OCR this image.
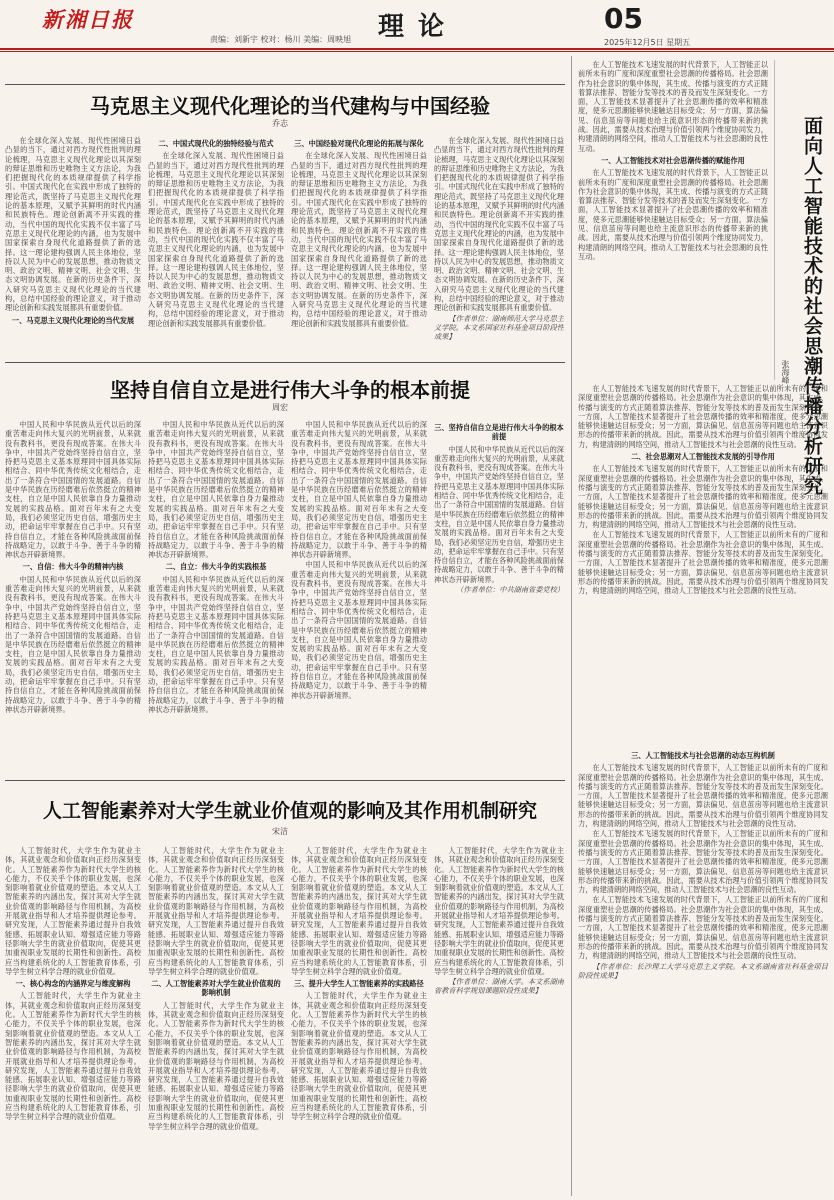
新湘日报	理论
责编：刘新宇 校对：杨川 美编：周映旭
05
2025年12月5日 星期五
马克思主义现代化理论的当代建构与中国经验
乔志

在全球化深入发展、现代性困境日益凸显的当下，通过对西方现代性批判的理论梳理，马克思主义现代化理论以其深刻的辩证思维和历史唯物主义方法论，为我们把握现代化的本质规律提供了科学指引。中国式现代化在实践中形成了独特的理论范式，既坚持了马克思主义现代化理论的基本原理，又赋予其鲜明的时代内涵和民族特色。理论创新离不开实践的推动，当代中国的现代化实践不仅丰富了马克思主义现代化理论的内涵，也为发展中国家探索自身现代化道路提供了新的选择。这一理论建构强调人民主体地位，坚持以人民为中心的发展思想，推动物质文明、政治文明、精神文明、社会文明、生态文明协调发展。在新的历史条件下，深入研究马克思主义现代化理论的当代建构，总结中国经验的理论意义，对于推动理论创新和实践发展都具有重要价值。

一、马克思主义现代化理论的当代发展
二、中国式现代化的独特经验与范式

在全球化深入发展、现代性困境日益凸显的当下，通过对西方现代性批判的理论梳理，马克思主义现代化理论以其深刻的辩证思维和历史唯物主义方法论，为我们把握现代化的本质规律提供了科学指引。中国式现代化在实践中形成了独特的理论范式，既坚持了马克思主义现代化理论的基本原理，又赋予其鲜明的时代内涵和民族特色。理论创新离不开实践的推动，当代中国的现代化实践不仅丰富了马克思主义现代化理论的内涵，也为发展中国家探索自身现代化道路提供了新的选择。这一理论建构强调人民主体地位，坚持以人民为中心的发展思想，推动物质文明、政治文明、精神文明、社会文明、生态文明协调发展。在新的历史条件下，深入研究马克思主义现代化理论的当代建构，总结中国经验的理论意义，对于推动理论创新和实践发展都具有重要价值。

三、中国经验对现代化理论的拓展与深化

在全球化深入发展、现代性困境日益凸显的当下，通过对西方现代性批判的理论梳理，马克思主义现代化理论以其深刻的辩证思维和历史唯物主义方法论，为我们把握现代化的本质规律提供了科学指引。中国式现代化在实践中形成了独特的理论范式，既坚持了马克思主义现代化理论的基本原理，又赋予其鲜明的时代内涵和民族特色。理论创新离不开实践的推动，当代中国的现代化实践不仅丰富了马克思主义现代化理论的内涵，也为发展中国家探索自身现代化道路提供了新的选择。这一理论建构强调人民主体地位，坚持以人民为中心的发展思想，推动物质文明、政治文明、精神文明、社会文明、生态文明协调发展。在新的历史条件下，深入研究马克思主义现代化理论的当代建构，总结中国经验的理论意义，对于推动理论创新和实践发展都具有重要价值。

在全球化深入发展、现代性困境日益凸显的当下，通过对西方现代性批判的理论梳理，马克思主义现代化理论以其深刻的辩证思维和历史唯物主义方法论，为我们把握现代化的本质规律提供了科学指引。中国式现代化在实践中形成了独特的理论范式，既坚持了马克思主义现代化理论的基本原理，又赋予其鲜明的时代内涵和民族特色。理论创新离不开实践的推动，当代中国的现代化实践不仅丰富了马克思主义现代化理论的内涵，也为发展中国家探索自身现代化道路提供了新的选择。这一理论建构强调人民主体地位，坚持以人民为中心的发展思想，推动物质文明、政治文明、精神文明、社会文明、生态文明协调发展。在新的历史条件下，深入研究马克思主义现代化理论的当代建构，总结中国经验的理论意义，对于推动理论创新和实践发展都具有重要价值。

【作者单位：湖南师范大学马克思主义学院。本文系国家社科基金项目阶段性成果】

坚持自信自立是进行伟大斗争的根本前提
周宏

中国人民和中华民族从近代以后的深重苦难走向伟大复兴的光明前景，从来就没有教科书，更没有现成答案。在伟大斗争中，中国共产党始终坚持自信自立，坚持把马克思主义基本原理同中国具体实际相结合、同中华优秀传统文化相结合，走出了一条符合中国国情的发展道路。自信是中华民族在历经磨难后依然挺立的精神支柱，自立是中国人民依靠自身力量推动发展的实践品格。面对百年未有之大变局，我们必须坚定历史自信，增强历史主动，把命运牢牢掌握在自己手中。只有坚持自信自立，才能在各种风险挑战面前保持战略定力，以敢于斗争、善于斗争的精神状态开辟新境界。

一、自信：伟大斗争的精神内核

中国人民和中华民族从近代以后的深重苦难走向伟大复兴的光明前景，从来就没有教科书，更没有现成答案。在伟大斗争中，中国共产党始终坚持自信自立，坚持把马克思主义基本原理同中国具体实际相结合、同中华优秀传统文化相结合，走出了一条符合中国国情的发展道路。自信是中华民族在历经磨难后依然挺立的精神支柱，自立是中国人民依靠自身力量推动发展的实践品格。面对百年未有之大变局，我们必须坚定历史自信，增强历史主动，把命运牢牢掌握在自己手中。只有坚持自信自立，才能在各种风险挑战面前保持战略定力，以敢于斗争、善于斗争的精神状态开辟新境界。

中国人民和中华民族从近代以后的深重苦难走向伟大复兴的光明前景，从来就没有教科书，更没有现成答案。在伟大斗争中，中国共产党始终坚持自信自立，坚持把马克思主义基本原理同中国具体实际相结合、同中华优秀传统文化相结合，走出了一条符合中国国情的发展道路。自信是中华民族在历经磨难后依然挺立的精神支柱，自立是中国人民依靠自身力量推动发展的实践品格。面对百年未有之大变局，我们必须坚定历史自信，增强历史主动，把命运牢牢掌握在自己手中。只有坚持自信自立，才能在各种风险挑战面前保持战略定力，以敢于斗争、善于斗争的精神状态开辟新境界。

二、自立：伟大斗争的实践根基

中国人民和中华民族从近代以后的深重苦难走向伟大复兴的光明前景，从来就没有教科书，更没有现成答案。在伟大斗争中，中国共产党始终坚持自信自立，坚持把马克思主义基本原理同中国具体实际相结合、同中华优秀传统文化相结合，走出了一条符合中国国情的发展道路。自信是中华民族在历经磨难后依然挺立的精神支柱，自立是中国人民依靠自身力量推动发展的实践品格。面对百年未有之大变局，我们必须坚定历史自信，增强历史主动，把命运牢牢掌握在自己手中。只有坚持自信自立，才能在各种风险挑战面前保持战略定力，以敢于斗争、善于斗争的精神状态开辟新境界。

中国人民和中华民族从近代以后的深重苦难走向伟大复兴的光明前景，从来就没有教科书，更没有现成答案。在伟大斗争中，中国共产党始终坚持自信自立，坚持把马克思主义基本原理同中国具体实际相结合、同中华优秀传统文化相结合，走出了一条符合中国国情的发展道路。自信是中华民族在历经磨难后依然挺立的精神支柱，自立是中国人民依靠自身力量推动发展的实践品格。面对百年未有之大变局，我们必须坚定历史自信，增强历史主动，把命运牢牢掌握在自己手中。只有坚持自信自立，才能在各种风险挑战面前保持战略定力，以敢于斗争、善于斗争的精神状态开辟新境界。

中国人民和中华民族从近代以后的深重苦难走向伟大复兴的光明前景，从来就没有教科书，更没有现成答案。在伟大斗争中，中国共产党始终坚持自信自立，坚持把马克思主义基本原理同中国具体实际相结合、同中华优秀传统文化相结合，走出了一条符合中国国情的发展道路。自信是中华民族在历经磨难后依然挺立的精神支柱，自立是中国人民依靠自身力量推动发展的实践品格。面对百年未有之大变局，我们必须坚定历史自信，增强历史主动，把命运牢牢掌握在自己手中。只有坚持自信自立，才能在各种风险挑战面前保持战略定力，以敢于斗争、善于斗争的精神状态开辟新境界。

三、坚持自信自立是进行伟大斗争的根本前提

中国人民和中华民族从近代以后的深重苦难走向伟大复兴的光明前景，从来就没有教科书，更没有现成答案。在伟大斗争中，中国共产党始终坚持自信自立，坚持把马克思主义基本原理同中国具体实际相结合、同中华优秀传统文化相结合，走出了一条符合中国国情的发展道路。自信是中华民族在历经磨难后依然挺立的精神支柱，自立是中国人民依靠自身力量推动发展的实践品格。面对百年未有之大变局，我们必须坚定历史自信，增强历史主动，把命运牢牢掌握在自己手中。只有坚持自信自立，才能在各种风险挑战面前保持战略定力，以敢于斗争、善于斗争的精神状态开辟新境界。

（作者单位：中共湖南省委党校）

人工智能素养对大学生就业价值观的影响及其作用机制研究
宋洁

人工智能时代，大学生作为就业主体，其就业观念和价值取向正经历深刻变化。人工智能素养作为新时代大学生的核心能力，不仅关乎个体的职业发展，也深刻影响着就业价值观的塑造。本文从人工智能素养的内涵出发，探讨其对大学生就业价值观的影响路径与作用机制，为高校开展就业指导和人才培养提供理论参考。研究发现，人工智能素养通过提升自我效能感、拓展职业认知、增强适应能力等路径影响大学生的就业价值取向，促使其更加重视职业发展的长期性和创新性。高校应当构建系统化的人工智能教育体系，引导学生树立科学合理的就业价值观。

一、核心构念的内涵界定与维度解构

人工智能时代，大学生作为就业主体，其就业观念和价值取向正经历深刻变化。人工智能素养作为新时代大学生的核心能力，不仅关乎个体的职业发展，也深刻影响着就业价值观的塑造。本文从人工智能素养的内涵出发，探讨其对大学生就业价值观的影响路径与作用机制，为高校开展就业指导和人才培养提供理论参考。研究发现，人工智能素养通过提升自我效能感、拓展职业认知、增强适应能力等路径影响大学生的就业价值取向，促使其更加重视职业发展的长期性和创新性。高校应当构建系统化的人工智能教育体系，引导学生树立科学合理的就业价值观。

人工智能时代，大学生作为就业主体，其就业观念和价值取向正经历深刻变化。人工智能素养作为新时代大学生的核心能力，不仅关乎个体的职业发展，也深刻影响着就业价值观的塑造。本文从人工智能素养的内涵出发，探讨其对大学生就业价值观的影响路径与作用机制，为高校开展就业指导和人才培养提供理论参考。研究发现，人工智能素养通过提升自我效能感、拓展职业认知、增强适应能力等路径影响大学生的就业价值取向，促使其更加重视职业发展的长期性和创新性。高校应当构建系统化的人工智能教育体系，引导学生树立科学合理的就业价值观。

二、人工智能素养对大学生就业价值观的影响机制

人工智能时代，大学生作为就业主体，其就业观念和价值取向正经历深刻变化。人工智能素养作为新时代大学生的核心能力，不仅关乎个体的职业发展，也深刻影响着就业价值观的塑造。本文从人工智能素养的内涵出发，探讨其对大学生就业价值观的影响路径与作用机制，为高校开展就业指导和人才培养提供理论参考。研究发现，人工智能素养通过提升自我效能感、拓展职业认知、增强适应能力等路径影响大学生的就业价值取向，促使其更加重视职业发展的长期性和创新性。高校应当构建系统化的人工智能教育体系，引导学生树立科学合理的就业价值观。

人工智能时代，大学生作为就业主体，其就业观念和价值取向正经历深刻变化。人工智能素养作为新时代大学生的核心能力，不仅关乎个体的职业发展，也深刻影响着就业价值观的塑造。本文从人工智能素养的内涵出发，探讨其对大学生就业价值观的影响路径与作用机制，为高校开展就业指导和人才培养提供理论参考。研究发现，人工智能素养通过提升自我效能感、拓展职业认知、增强适应能力等路径影响大学生的就业价值取向，促使其更加重视职业发展的长期性和创新性。高校应当构建系统化的人工智能教育体系，引导学生树立科学合理的就业价值观。

三、提升大学生人工智能素养的实践路径

人工智能时代，大学生作为就业主体，其就业观念和价值取向正经历深刻变化。人工智能素养作为新时代大学生的核心能力，不仅关乎个体的职业发展，也深刻影响着就业价值观的塑造。本文从人工智能素养的内涵出发，探讨其对大学生就业价值观的影响路径与作用机制，为高校开展就业指导和人才培养提供理论参考。研究发现，人工智能素养通过提升自我效能感、拓展职业认知、增强适应能力等路径影响大学生的就业价值取向，促使其更加重视职业发展的长期性和创新性。高校应当构建系统化的人工智能教育体系，引导学生树立科学合理的就业价值观。

人工智能时代，大学生作为就业主体，其就业观念和价值取向正经历深刻变化。人工智能素养作为新时代大学生的核心能力，不仅关乎个体的职业发展，也深刻影响着就业价值观的塑造。本文从人工智能素养的内涵出发，探讨其对大学生就业价值观的影响路径与作用机制，为高校开展就业指导和人才培养提供理论参考。研究发现，人工智能素养通过提升自我效能感、拓展职业认知、增强适应能力等路径影响大学生的就业价值取向，促使其更加重视职业发展的长期性和创新性。高校应当构建系统化的人工智能教育体系，引导学生树立科学合理的就业价值观。

【作者单位：湖南大学。本文系湖南省教育科学规划课题阶段性成果】

面向人工智能技术的社会思潮传播分析研究
张海峰

在人工智能技术飞速发展的时代背景下，人工智能正以前所未有的广度和深度重塑社会思潮的传播格局。社会思潮作为社会意识的集中体现，其生成、传播与演变的方式正随着算法推荐、智能分发等技术的普及而发生深刻变化。一方面，人工智能技术显著提升了社会思潮传播的效率和精准度，使多元思潮能够快速触达目标受众；另一方面，算法偏见、信息茧房等问题也给主流意识形态的传播带来新的挑战。因此，需要从技术治理与价值引领两个维度协同发力，构建清朗的网络空间，推动人工智能技术与社会思潮的良性互动。

一、人工智能技术对社会思潮传播的赋能作用

在人工智能技术飞速发展的时代背景下，人工智能正以前所未有的广度和深度重塑社会思潮的传播格局。社会思潮作为社会意识的集中体现，其生成、传播与演变的方式正随着算法推荐、智能分发等技术的普及而发生深刻变化。一方面，人工智能技术显著提升了社会思潮传播的效率和精准度，使多元思潮能够快速触达目标受众；另一方面，算法偏见、信息茧房等问题也给主流意识形态的传播带来新的挑战。因此，需要从技术治理与价值引领两个维度协同发力，构建清朗的网络空间，推动人工智能技术与社会思潮的良性互动。

在人工智能技术飞速发展的时代背景下，人工智能正以前所未有的广度和深度重塑社会思潮的传播格局。社会思潮作为社会意识的集中体现，其生成、传播与演变的方式正随着算法推荐、智能分发等技术的普及而发生深刻变化。一方面，人工智能技术显著提升了社会思潮传播的效率和精准度，使多元思潮能够快速触达目标受众；另一方面，算法偏见、信息茧房等问题也给主流意识形态的传播带来新的挑战。因此，需要从技术治理与价值引领两个维度协同发力，构建清朗的网络空间，推动人工智能技术与社会思潮的良性互动。

二、社会思潮对人工智能技术发展的引导作用

在人工智能技术飞速发展的时代背景下，人工智能正以前所未有的广度和深度重塑社会思潮的传播格局。社会思潮作为社会意识的集中体现，其生成、传播与演变的方式正随着算法推荐、智能分发等技术的普及而发生深刻变化。一方面，人工智能技术显著提升了社会思潮传播的效率和精准度，使多元思潮能够快速触达目标受众；另一方面，算法偏见、信息茧房等问题也给主流意识形态的传播带来新的挑战。因此，需要从技术治理与价值引领两个维度协同发力，构建清朗的网络空间，推动人工智能技术与社会思潮的良性互动。

在人工智能技术飞速发展的时代背景下，人工智能正以前所未有的广度和深度重塑社会思潮的传播格局。社会思潮作为社会意识的集中体现，其生成、传播与演变的方式正随着算法推荐、智能分发等技术的普及而发生深刻变化。一方面，人工智能技术显著提升了社会思潮传播的效率和精准度，使多元思潮能够快速触达目标受众；另一方面，算法偏见、信息茧房等问题也给主流意识形态的传播带来新的挑战。因此，需要从技术治理与价值引领两个维度协同发力，构建清朗的网络空间，推动人工智能技术与社会思潮的良性互动。

三、人工智能技术与社会思潮的动态互构机制

在人工智能技术飞速发展的时代背景下，人工智能正以前所未有的广度和深度重塑社会思潮的传播格局。社会思潮作为社会意识的集中体现，其生成、传播与演变的方式正随着算法推荐、智能分发等技术的普及而发生深刻变化。一方面，人工智能技术显著提升了社会思潮传播的效率和精准度，使多元思潮能够快速触达目标受众；另一方面，算法偏见、信息茧房等问题也给主流意识形态的传播带来新的挑战。因此，需要从技术治理与价值引领两个维度协同发力，构建清朗的网络空间，推动人工智能技术与社会思潮的良性互动。

在人工智能技术飞速发展的时代背景下，人工智能正以前所未有的广度和深度重塑社会思潮的传播格局。社会思潮作为社会意识的集中体现，其生成、传播与演变的方式正随着算法推荐、智能分发等技术的普及而发生深刻变化。一方面，人工智能技术显著提升了社会思潮传播的效率和精准度，使多元思潮能够快速触达目标受众；另一方面，算法偏见、信息茧房等问题也给主流意识形态的传播带来新的挑战。因此，需要从技术治理与价值引领两个维度协同发力，构建清朗的网络空间，推动人工智能技术与社会思潮的良性互动。

在人工智能技术飞速发展的时代背景下，人工智能正以前所未有的广度和深度重塑社会思潮的传播格局。社会思潮作为社会意识的集中体现，其生成、传播与演变的方式正随着算法推荐、智能分发等技术的普及而发生深刻变化。一方面，人工智能技术显著提升了社会思潮传播的效率和精准度，使多元思潮能够快速触达目标受众；另一方面，算法偏见、信息茧房等问题也给主流意识形态的传播带来新的挑战。因此，需要从技术治理与价值引领两个维度协同发力，构建清朗的网络空间，推动人工智能技术与社会思潮的良性互动。

【作者单位：长沙理工大学马克思主义学院。本文系湖南省社科基金项目阶段性成果】
